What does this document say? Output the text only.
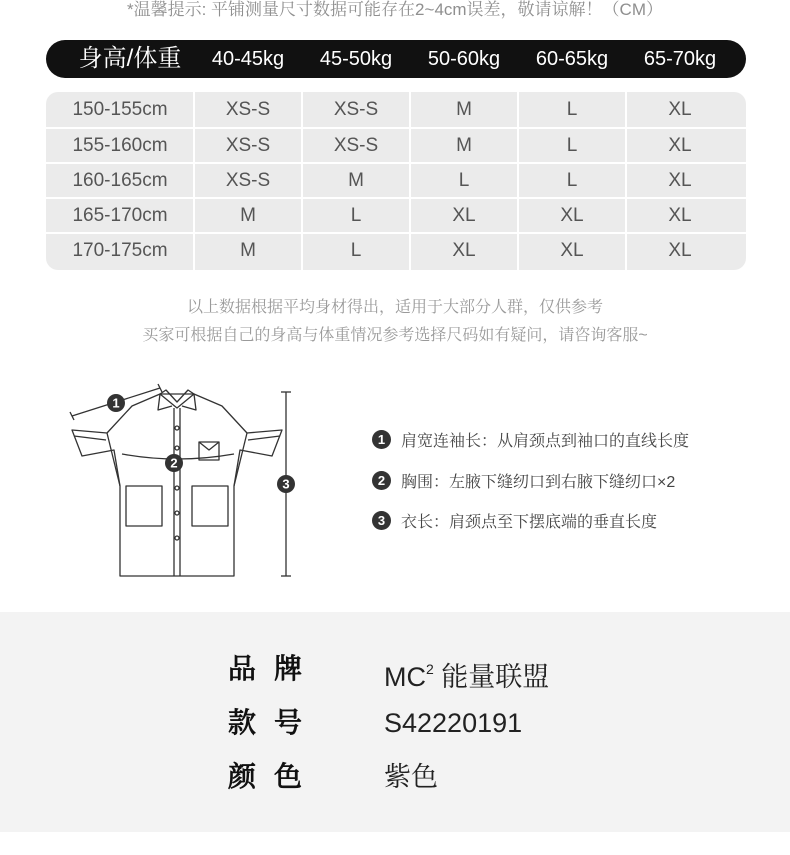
*温馨提示: 平铺测量尺寸数据可能存在2~4cm误差，敬请谅解！（CM）
身高/体重	40-45kg	45-50kg	50-60kg	60-65kg	65-70kg
150-155cm	XS-S	XS-S	M	L	XL
155-160cm	XS-S	XS-S	M	L	XL
160-165cm	XS-S	M	L	L	XL
165-170cm	M	L	XL	XL	XL
170-175cm	M	L	XL	XL	XL
以上数据根据平均身材得出，适用于大部分人群，仅供参考
买家可根据自己的身高与体重情况参考选择尺码如有疑问，请咨询客服~
1
2
3
1 肩宽连袖长：从肩颈点到袖口的直线长度
2 胸围：左腋下缝纫口到右腋下缝纫口×2
3 衣长：肩颈点至下摆底端的垂直长度
品牌 $MC^2$ 能量联盟
款号 S42220191
颜色 紫色
